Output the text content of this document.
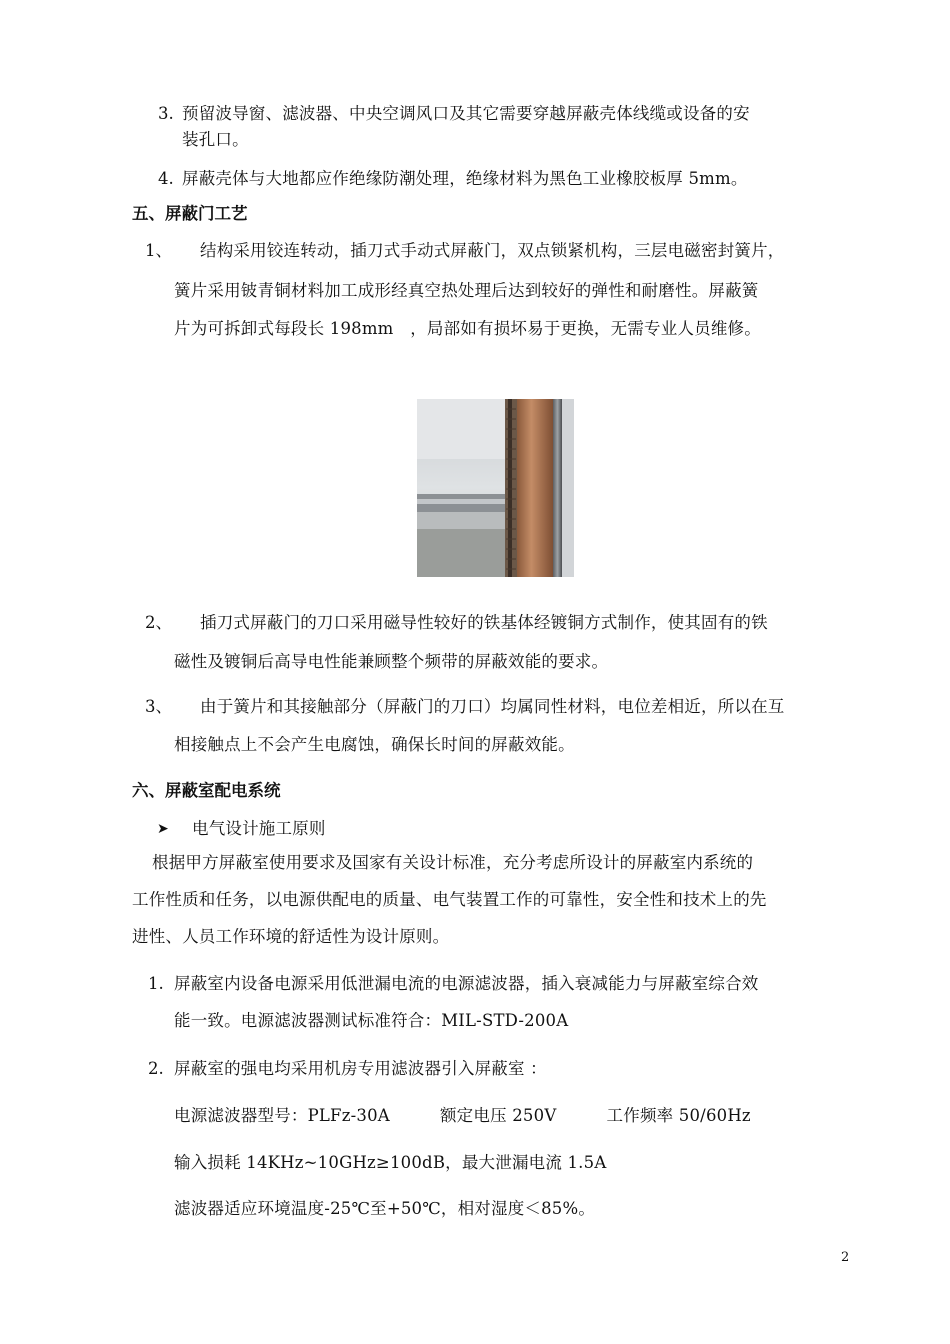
3. 预留波导窗、滤波器、中央空调风口及其它需要穿越屏蔽壳体线缆或设备的安
装孔口。
4. 屏蔽壳体与大地都应作绝缘防潮处理，绝缘材料为黑色工业橡胶板厚 5mm。
五、屏蔽门工艺
1、 结构采用铰连转动，插刀式手动式屏蔽门，双点锁紧机构，三层电磁密封簧片，
簧片采用铍青铜材料加工成形经真空热处理后达到较好的弹性和耐磨性。屏蔽簧
片为可拆卸式每段长 198mm　，局部如有损坏易于更换，无需专业人员维修。
2、 插刀式屏蔽门的刀口采用磁导性较好的铁基体经镀铜方式制作，使其固有的铁
磁性及镀铜后高导电性能兼顾整个频带的屏蔽效能的要求。
3、 由于簧片和其接触部分（屏蔽门的刀口）均属同性材料，电位差相近，所以在互
相接触点上不会产生电腐蚀，确保长时间的屏蔽效能。
六、屏蔽室配电系统
➤ 电气设计施工原则
根据甲方屏蔽室使用要求及国家有关设计标准，充分考虑所设计的屏蔽室内系统的
工作性质和任务，以电源供配电的质量、电气装置工作的可靠性，安全性和技术上的先
进性、人员工作环境的舒适性为设计原则。
1. 屏蔽室内设备电源采用低泄漏电流的电源滤波器，插入衰减能力与屏蔽室综合效
能一致。电源滤波器测试标准符合：MIL-STD-200A
2. 屏蔽室的强电均采用机房专用滤波器引入屏蔽室 ：
电源滤波器型号：PLFz-30A　　　额定电压 250V　　　工作频率 50/60Hz
输入损耗 14KHz~10GHz≥100dB，最大泄漏电流 1.5A
滤波器适应环境温度-25℃至+50℃，相对湿度＜85%。
2
